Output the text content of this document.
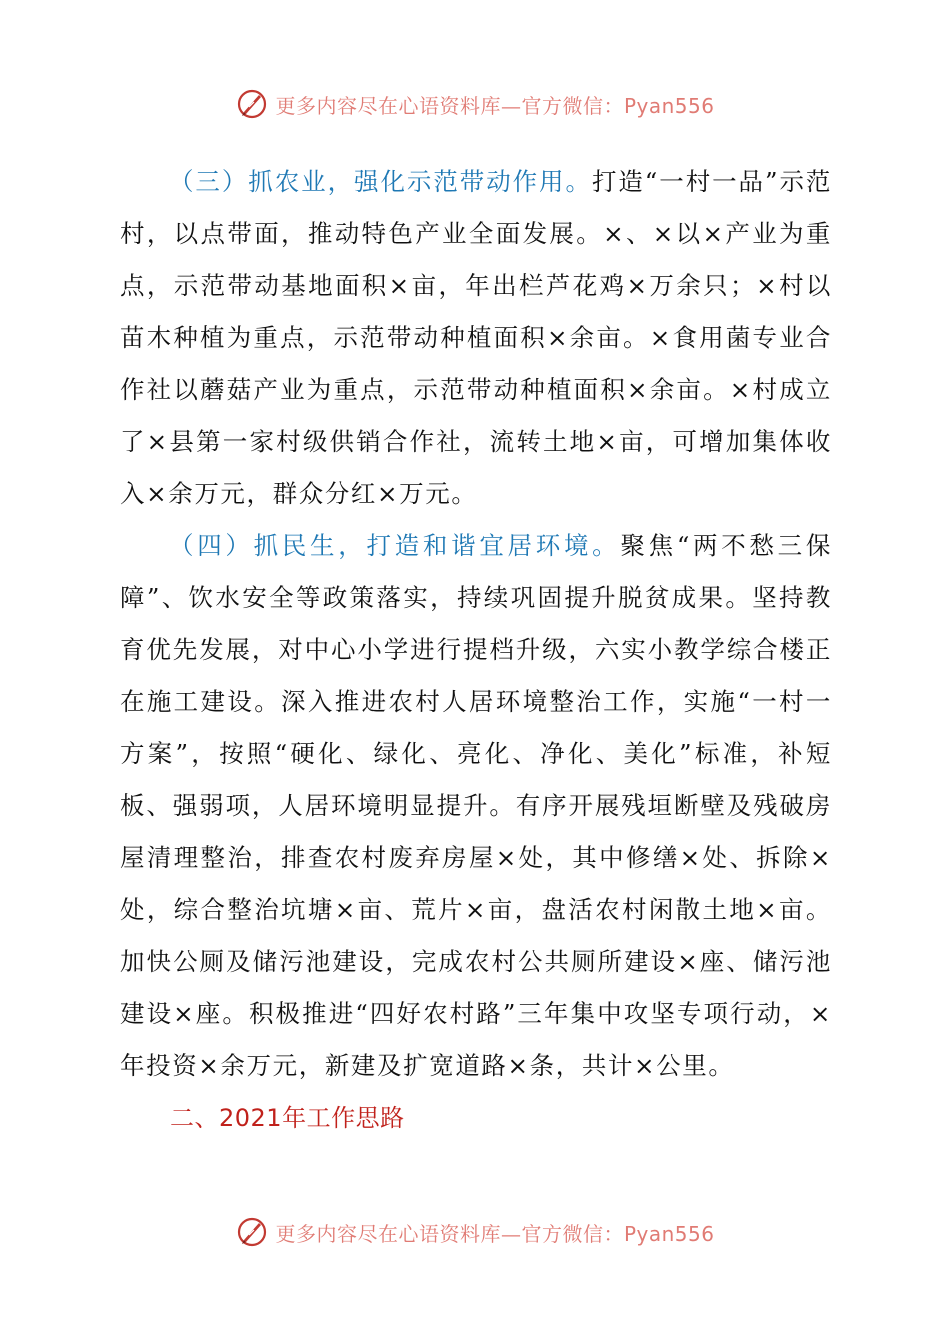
更多内容尽在心语资料库—官方微信：Pyan556

（三）抓农业，强化示范带动作用。打造“一村一品”示范村，以点带面，推动特色产业全面发展。×、×以×产业为重点，示范带动基地面积×亩，年出栏芦花鸡×万余只；×村以苗木种植为重点，示范带动种植面积×余亩。×食用菌专业合作社以蘑菇产业为重点，示范带动种植面积×余亩。×村成立了×县第一家村级供销合作社，流转土地×亩，可增加集体收入×余万元，群众分红×万元。

（四）抓民生，打造和谐宜居环境。聚焦“两不愁三保障”、饮水安全等政策落实，持续巩固提升脱贫成果。坚持教育优先发展，对中心小学进行提档升级，六实小教学综合楼正在施工建设。深入推进农村人居环境整治工作，实施“一村一方案”，按照“硬化、绿化、亮化、净化、美化”标准，补短板、强弱项，人居环境明显提升。有序开展残垣断壁及残破房屋清理整治，排查农村废弃房屋×处，其中修缮×处、拆除×处，综合整治坑塘×亩、荒片×亩，盘活农村闲散土地×亩。加快公厕及储污池建设，完成农村公共厕所建设×座、储污池建设×座。积极推进“四好农村路”三年集中攻坚专项行动，×年投资×余万元，新建及扩宽道路×条，共计×公里。

二、2021年工作思路

更多内容尽在心语资料库—官方微信：Pyan556
